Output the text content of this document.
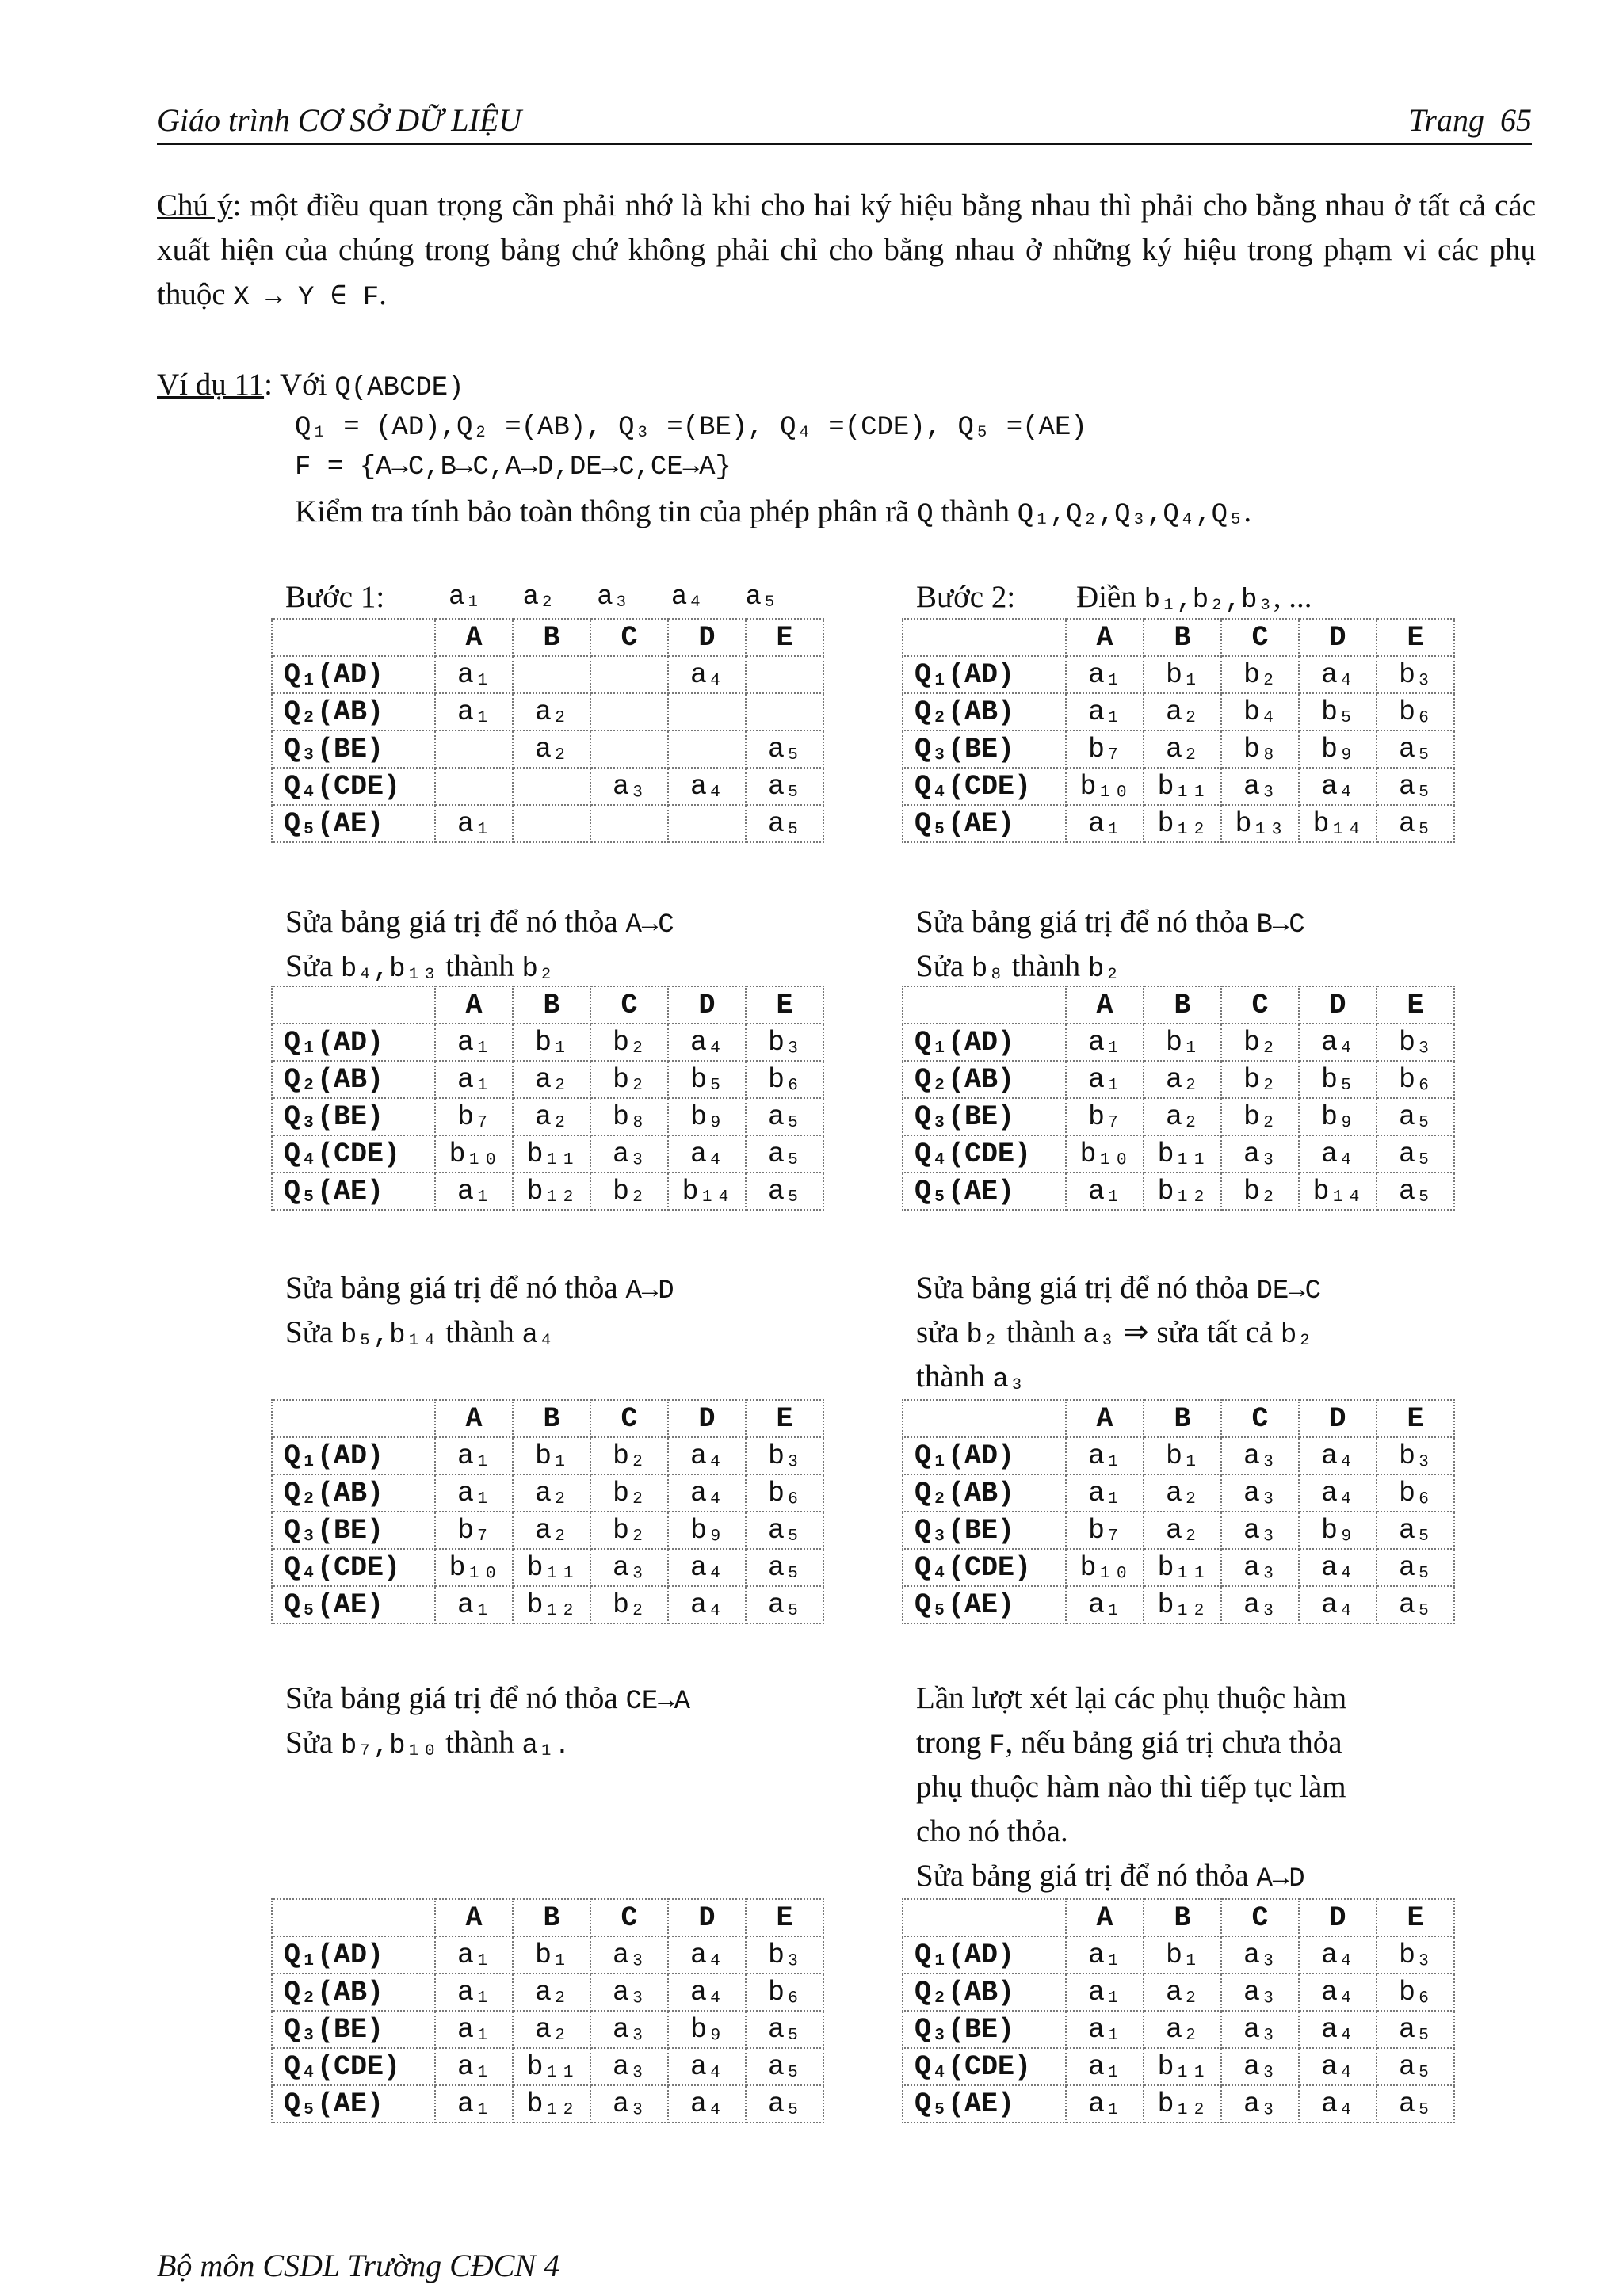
Giáo trình CƠ SỞ DỮ LIỆU	Trang 65
Chú ý: một điều quan trọng cần phải nhớ là khi cho hai ký hiệu bằng nhau thì phải cho bằng nhau ở tất cả các xuất hiện của chúng trong bảng chứ không phải chỉ cho bằng nhau ở những ký hiệu trong phạm vi các phụ thuộc X → Y ∈ F.
Ví dụ 11: Với Q(ABCDE)
Q₁ = (AD),Q₂ =(AB), Q₃ =(BE), Q₄ =(CDE), Q₅ =(AE)
F = {A→C,B→C,A→D,DE→C,CE→A}
Kiểm tra tính bảo toàn thông tin của phép phân rã Q thành Q₁,Q₂,Q₃,Q₄,Q₅.
Bước 1: a₁  a₂  a₃  a₄  a₅	Bước 2: Điền b₁,b₂,b₃, ...
Sửa bảng giá trị để nó thỏa A→C
Sửa b₄,b₁₃ thành b₂
Sửa bảng giá trị để nó thỏa B→C
Sửa b₈ thành b₂
Sửa bảng giá trị để nó thỏa A→D
Sửa b₅,b₁₄ thành a₄
Sửa bảng giá trị để nó thỏa DE→C
sửa b₂ thành a₃ ⇒ sửa tất cả b₂
thành a₃
Sửa bảng giá trị để nó thỏa CE→A
Sửa b₇,b₁₀ thành a₁.
Lần lượt xét lại các phụ thuộc hàm
trong F, nếu bảng giá trị chưa thỏa
phụ thuộc hàm nào thì tiếp tục làm
cho nó thỏa.
Sửa bảng giá trị để nó thỏa A→D
	A	B	C	D	E
Q₁(AD)	a₁			a₄	
Q₂(AB)	a₁	a₂			
Q₃(BE)		a₂			a₅
Q₄(CDE)			a₃	a₄	a₅
Q₅(AE)	a₁				a₅
	A	B	C	D	E
Q₁(AD)	a₁	b₁	b₂	a₄	b₃
Q₂(AB)	a₁	a₂	b₄	b₅	b₆
Q₃(BE)	b₇	a₂	b₈	b₉	a₅
Q₄(CDE)	b₁₀	b₁₁	a₃	a₄	a₅
Q₅(AE)	a₁	b₁₂	b₁₃	b₁₄	a₅
	A	B	C	D	E
Q₁(AD)	a₁	b₁	b₂	a₄	b₃
Q₂(AB)	a₁	a₂	b₂	b₅	b₆
Q₃(BE)	b₇	a₂	b₈	b₉	a₅
Q₄(CDE)	b₁₀	b₁₁	a₃	a₄	a₅
Q₅(AE)	a₁	b₁₂	b₂	b₁₄	a₅
	A	B	C	D	E
Q₁(AD)	a₁	b₁	b₂	a₄	b₃
Q₂(AB)	a₁	a₂	b₂	b₅	b₆
Q₃(BE)	b₇	a₂	b₂	b₉	a₅
Q₄(CDE)	b₁₀	b₁₁	a₃	a₄	a₅
Q₅(AE)	a₁	b₁₂	b₂	b₁₄	a₅
	A	B	C	D	E
Q₁(AD)	a₁	b₁	b₂	a₄	b₃
Q₂(AB)	a₁	a₂	b₂	a₄	b₆
Q₃(BE)	b₇	a₂	b₂	b₉	a₅
Q₄(CDE)	b₁₀	b₁₁	a₃	a₄	a₅
Q₅(AE)	a₁	b₁₂	b₂	a₄	a₅
	A	B	C	D	E
Q₁(AD)	a₁	b₁	a₃	a₄	b₃
Q₂(AB)	a₁	a₂	a₃	a₄	b₆
Q₃(BE)	b₇	a₂	a₃	b₉	a₅
Q₄(CDE)	b₁₀	b₁₁	a₃	a₄	a₅
Q₅(AE)	a₁	b₁₂	a₃	a₄	a₅
	A	B	C	D	E
Q₁(AD)	a₁	b₁	a₃	a₄	b₃
Q₂(AB)	a₁	a₂	a₃	a₄	b₆
Q₃(BE)	a₁	a₂	a₃	b₉	a₅
Q₄(CDE)	a₁	b₁₁	a₃	a₄	a₅
Q₅(AE)	a₁	b₁₂	a₃	a₄	a₅
	A	B	C	D	E
Q₁(AD)	a₁	b₁	a₃	a₄	b₃
Q₂(AB)	a₁	a₂	a₃	a₄	b₆
Q₃(BE)	a₁	a₂	a₃	a₄	a₅
Q₄(CDE)	a₁	b₁₁	a₃	a₄	a₅
Q₅(AE)	a₁	b₁₂	a₃	a₄	a₅
Bộ môn CSDL Trường CĐCN 4
